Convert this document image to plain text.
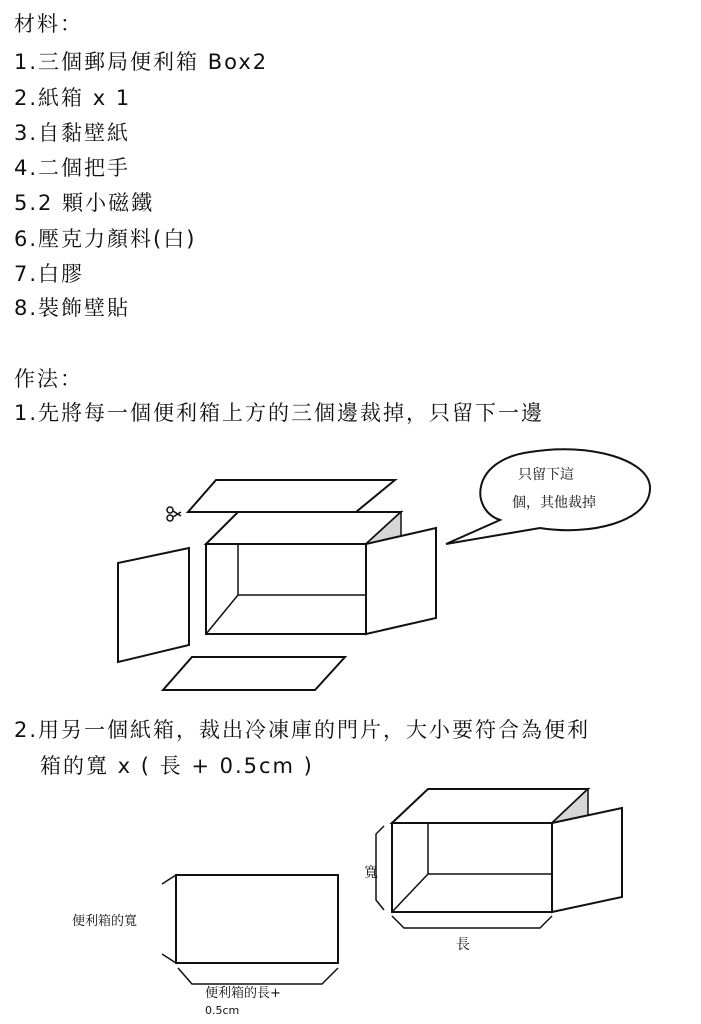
材料：
1.三個郵局便利箱 Box2
2.紙箱 x 1
3.自黏壁紙
4.二個把手
5.2 顆小磁鐵
6.壓克力顏料(白)
7.白膠
8.裝飾壁貼
作法：
1.先將每一個便利箱上方的三個邊裁掉，只留下一邊
只留下這
個，其他裁掉
2.用另一個紙箱，裁出冷凍庫的門片，大小要符合為便利
箱的寬 x ( 長 + 0.5cm )
便利箱的寬
便利箱的長+
0.5cm
寬
長
